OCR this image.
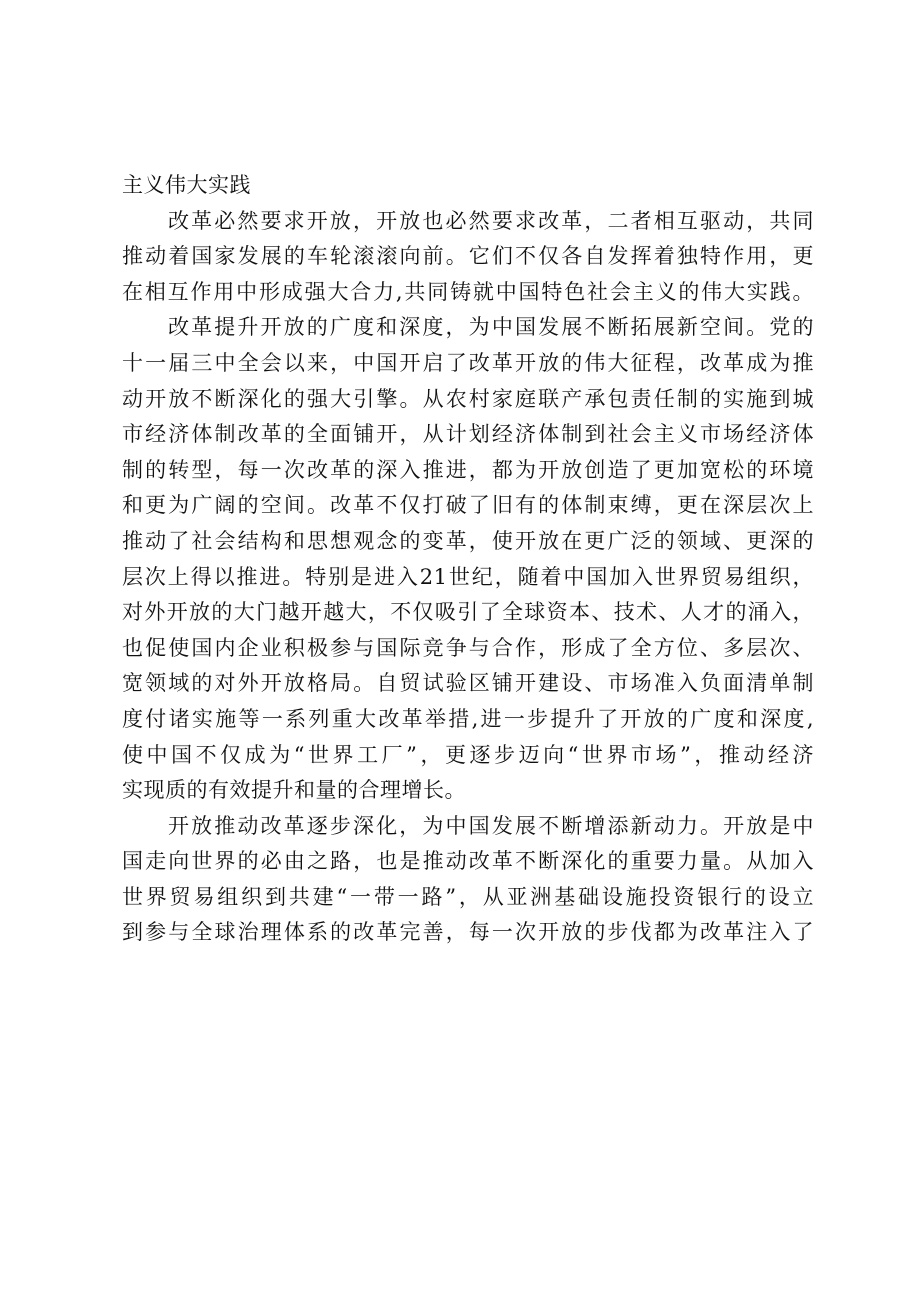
主义伟大实践
改革必然要求开放，开放也必然要求改革，二者相互驱动，共同
推动着国家发展的车轮滚滚向前。它们不仅各自发挥着独特作用，更
在相互作用中形成强大合力,共同铸就中国特色社会主义的伟大实践。
改革提升开放的广度和深度，为中国发展不断拓展新空间。党的
十一届三中全会以来，中国开启了改革开放的伟大征程，改革成为推
动开放不断深化的强大引擎。从农村家庭联产承包责任制的实施到城
市经济体制改革的全面铺开，从计划经济体制到社会主义市场经济体
制的转型，每一次改革的深入推进，都为开放创造了更加宽松的环境
和更为广阔的空间。改革不仅打破了旧有的体制束缚，更在深层次上
推动了社会结构和思想观念的变革，使开放在更广泛的领域、更深的
层次上得以推进。特别是进入21世纪，随着中国加入世界贸易组织，
对外开放的大门越开越大，不仅吸引了全球资本、技术、人才的涌入，
也促使国内企业积极参与国际竞争与合作，形成了全方位、多层次、
宽领域的对外开放格局。自贸试验区铺开建设、市场准入负面清单制
度付诸实施等一系列重大改革举措,进一步提升了开放的广度和深度,
使中国不仅成为“世界工厂”，更逐步迈向“世界市场”，推动经济
实现质的有效提升和量的合理增长。
开放推动改革逐步深化，为中国发展不断增添新动力。开放是中
国走向世界的必由之路，也是推动改革不断深化的重要力量。从加入
世界贸易组织到共建“一带一路”，从亚洲基础设施投资银行的设立
到参与全球治理体系的改革完善，每一次开放的步伐都为改革注入了
